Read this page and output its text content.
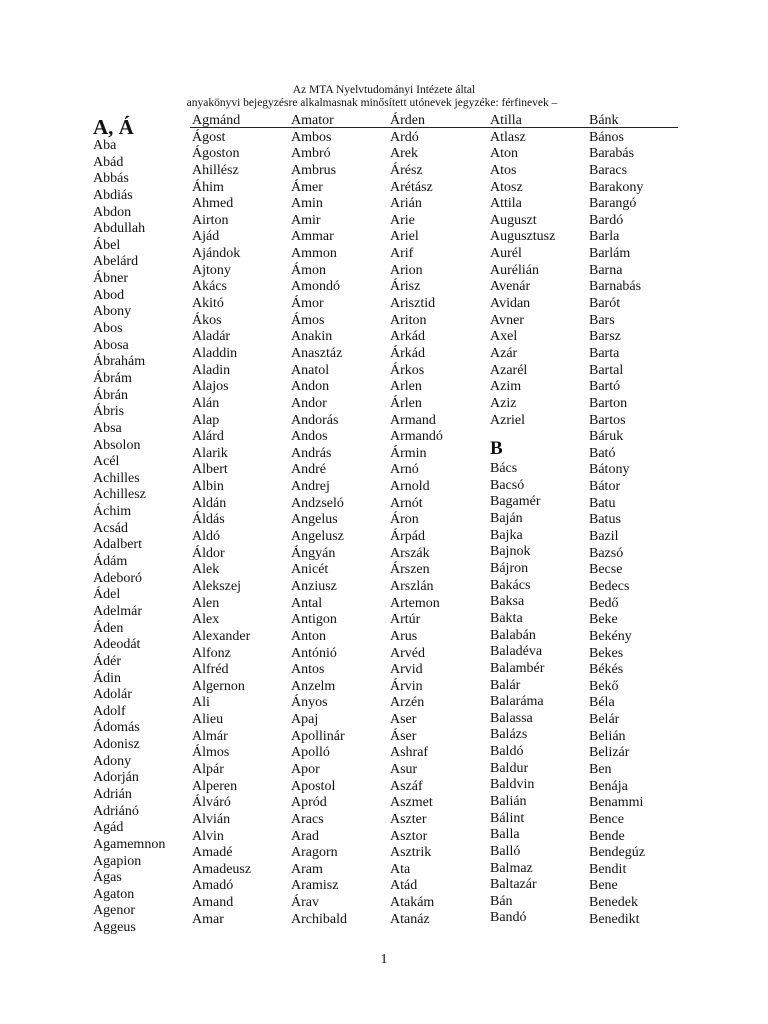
Az MTA Nyelvtudományi Intézete által
anyakönyvi bejegyzésre alkalmasnak minősített utónevek jegyzéke: férfinevek –
A, Á
Aba
Abád
Abbás
Abdiás
Abdon
Abdullah
Ábel
Abelárd
Ábner
Abod
Abony
Abos
Abosa
Ábrahám
Ábrám
Ábrán
Ábris
Absa
Absolon
Acél
Achilles
Achillesz
Áchim
Acsád
Adalbert
Ádám
Adeboró
Ádel
Adelmár
Áden
Adeodát
Ádér
Ádin
Adolár
Adolf
Ádomás
Adonisz
Adony
Adorján
Adrián
Adriánó
Agád
Agamemnon
Agapion
Ágas
Agaton
Agenor
Aggeus
Agmánd
Ágost
Ágoston
Ahillész
Áhim
Ahmed
Airton
Ajád
Ajándok
Ajtony
Akács
Akitó
Ákos
Aladár
Aladdin
Aladin
Alajos
Alán
Alap
Alárd
Alarik
Albert
Albin
Aldán
Áldás
Aldó
Áldor
Alek
Alekszej
Alen
Alex
Alexander
Alfonz
Alfréd
Algernon
Ali
Alieu
Almár
Álmos
Alpár
Alperen
Álváró
Alvián
Alvin
Amadé
Amadeusz
Amadó
Amand
Amar
Amator
Ambos
Ambró
Ambrus
Ámer
Amin
Amir
Ammar
Ammon
Ámon
Amondó
Ámor
Ámos
Anakin
Anasztáz
Anatol
Andon
Andor
Andorás
Andos
András
André
Andrej
Andzseló
Angelus
Angelusz
Ángyán
Anicét
Anziusz
Antal
Antigon
Anton
Antónió
Antos
Anzelm
Ányos
Apaj
Apollinár
Apolló
Apor
Apostol
Apród
Aracs
Arad
Aragorn
Aram
Aramisz
Árav
Archibald
Árden
Ardó
Arek
Árész
Arétász
Arián
Arie
Ariel
Arif
Arion
Árisz
Arisztid
Ariton
Arkád
Árkád
Árkos
Arlen
Árlen
Armand
Armandó
Ármin
Arnó
Arnold
Arnót
Áron
Árpád
Arszák
Árszen
Arszlán
Artemon
Artúr
Arus
Arvéd
Arvid
Árvin
Arzén
Aser
Áser
Ashraf
Asur
Aszáf
Aszmet
Aszter
Asztor
Asztrik
Ata
Atád
Atakám
Atanáz
Atilla
Atlasz
Aton
Atos
Atosz
Attila
Auguszt
Augusztusz
Aurél
Aurélián
Avenár
Avidan
Avner
Axel
Azár
Azarél
Azim
Aziz
Azriel
B
Bács
Bacsó
Bagamér
Baján
Bajka
Bajnok
Bájron
Bakács
Baksa
Bakta
Balabán
Baladéva
Balambér
Balár
Balaráma
Balassa
Balázs
Baldó
Baldur
Baldvin
Balián
Bálint
Balla
Balló
Balmaz
Baltazár
Bán
Bandó
Bánk
Bános
Barabás
Baracs
Barakony
Barangó
Bardó
Barla
Barlám
Barna
Barnabás
Barót
Bars
Barsz
Barta
Bartal
Bartó
Barton
Bartos
Báruk
Bató
Bátony
Bátor
Batu
Batus
Bazil
Bazsó
Becse
Bedecs
Bedő
Beke
Bekény
Bekes
Békés
Bekő
Béla
Belár
Belián
Belizár
Ben
Benája
Benammi
Bence
Bende
Bendegúz
Bendit
Bene
Benedek
Benedikt
1
